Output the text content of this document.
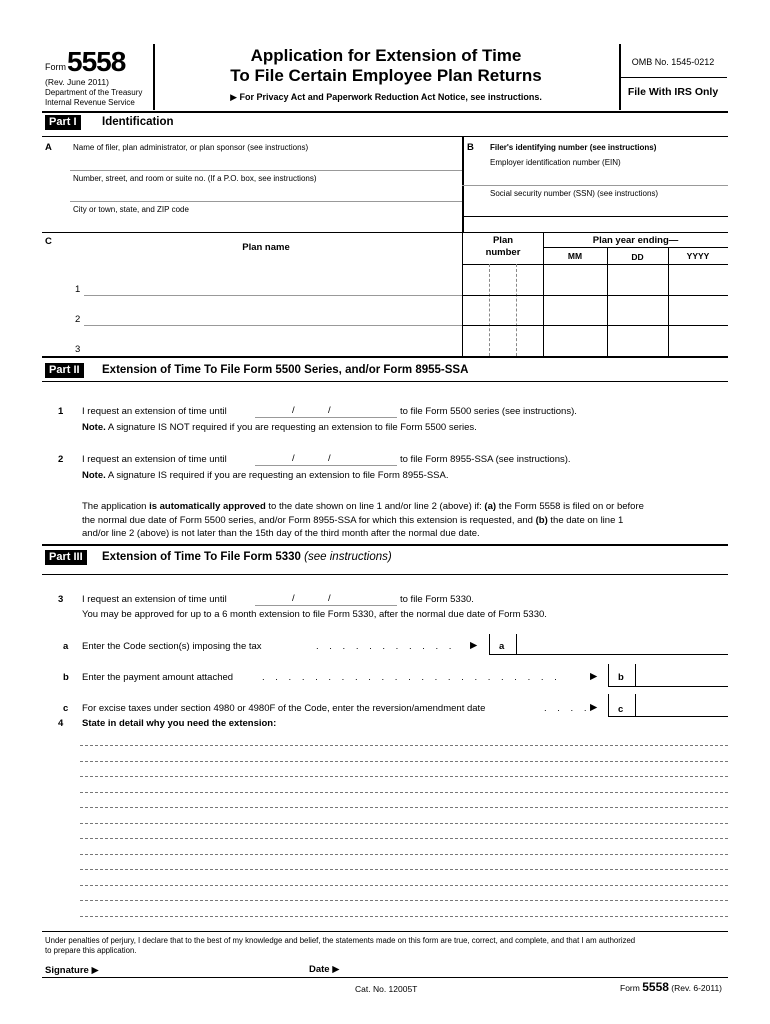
Form 5558
(Rev. June 2011)
Department of the Treasury
Internal Revenue Service
Application for Extension of Time
To File Certain Employee Plan Returns
▶ For Privacy Act and Paperwork Reduction Act Notice, see instructions.
OMB No. 1545-0212
File With IRS Only
Part I	Identification
A	Name of filer, plan administrator, or plan sponsor (see instructions)
Number, street, and room or suite no. (If a P.O. box, see instructions)
City or town, state, and ZIP code
B Filer's identifying number (see instructions)
Employer identification number (EIN)
Social security number (SSN) (see instructions)
C
Plan name
Plan
number
Plan year ending—
MM	DD	YYYY
1
2
3
Part II	Extension of Time To File Form 5500 Series, and/or Form 8955-SSA
1 I request an extension of time until	/	/	to file Form 5500 series (see instructions).
Note. A signature IS NOT required if you are requesting an extension to file Form 5500 series.
2 I request an extension of time until	/	/	to file Form 8955-SSA (see instructions).
Note. A signature IS required if you are requesting an extension to file Form 8955-SSA.
The application is automatically approved to the date shown on line 1 and/or line 2 (above) if: (a) the Form 5558 is filed on or before
the normal due date of Form 5500 series, and/or Form 8955-SSA for which this extension is requested, and (b) the date on line 1
and/or line 2 (above) is not later than the 15th day of the third month after the normal due date.
Part III	Extension of Time To File Form 5330 (see instructions)
3 I request an extension of time until	/	/	to file Form 5330.
You may be approved for up to a 6 month extension to file Form 5330, after the normal due date of Form 5330.
a Enter the Code section(s) imposing the tax	. . . . . . . . . . . ▶ a
b Enter the payment amount attached	. . . . . . . . . . . . . . . . . . . . . . .	▶ b
c For excise taxes under section 4980 or 4980F of the Code, enter the reversion/amendment date	. . . . ▶ c
4 State in detail why you need the extension:
Under penalties of perjury, I declare that to the best of my knowledge and belief, the statements made on this form are true, correct, and complete, and that I am authorized
to prepare this application.
Signature ▶	Date ▶
Cat. No. 12005T	Form 5558 (Rev. 6-2011)
